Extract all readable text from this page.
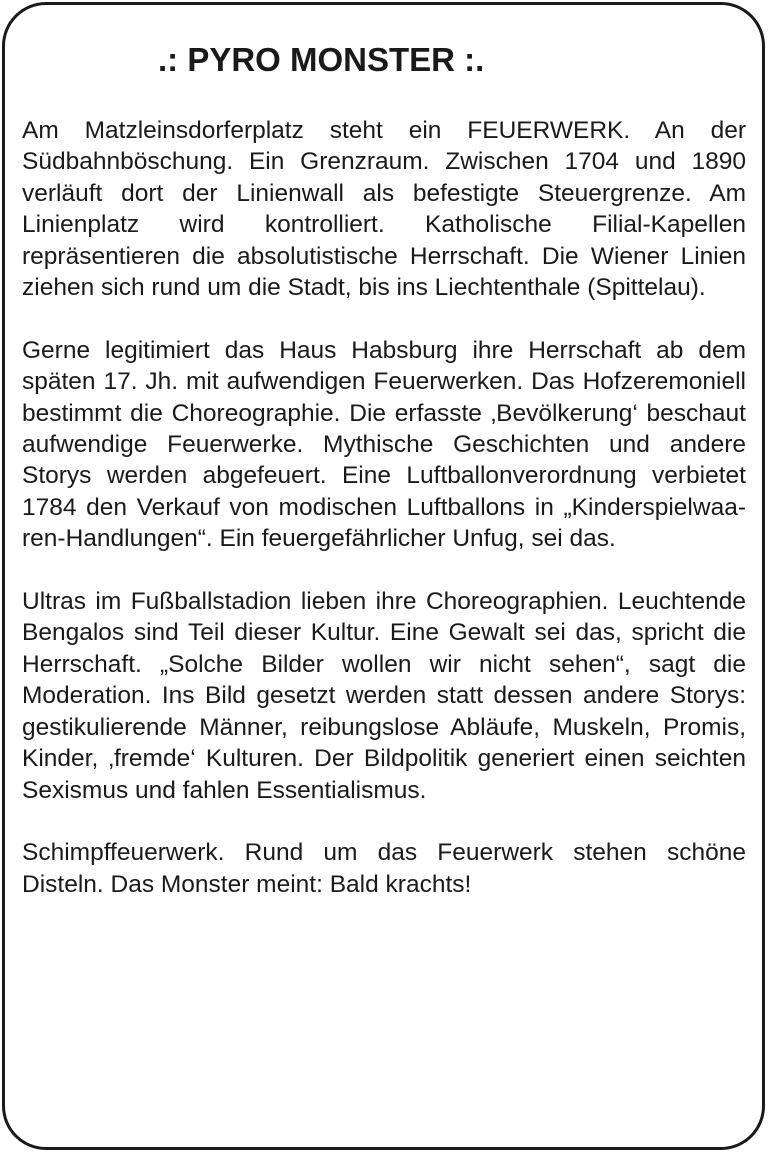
.: PYRO MONSTER :.

Am Matzleinsdorferplatz steht ein FEUERWERK. An der Südbahnböschung. Ein Grenzraum. Zwischen 1704 und 1890 verläuft dort der Linienwall als befestigte Steuergrenze. Am Linienplatz wird kontrolliert. Katholische Filial-Kapellen repräsentieren die absolutistische Herrschaft. Die Wiener Linien ziehen sich rund um die Stadt, bis ins Liechtenthale (Spittelau).

Gerne legitimiert das Haus Habsburg ihre Herrschaft ab dem späten 17. Jh. mit aufwendigen Feuerwerken. Das Hofzeremoniell bestimmt die Choreographie. Die erfasste ‚Bevölkerung‘ beschaut aufwendige Feuerwerke. Mythische Geschichten und andere Storys werden abgefeuert. Eine Luftballonverordnung verbietet 1784 den Verkauf von modischen Luftballons in „Kinderspielwaaren-Handlungen“. Ein feuergefährlicher Unfug, sei das.

Ultras im Fußballstadion lieben ihre Choreographien. Leuchtende Bengalos sind Teil dieser Kultur. Eine Gewalt sei das, spricht die Herrschaft. „Solche Bilder wollen wir nicht sehen“, sagt die Moderation. Ins Bild gesetzt werden statt dessen andere Storys: gestikulierende Männer, reibungslose Abläufe, Muskeln, Promis, Kinder, ‚fremde‘ Kulturen. Der Bildpolitik generiert einen seichten Sexismus und fahlen Essentialismus.

Schimpffeuerwerk. Rund um das Feuerwerk stehen schöne Disteln. Das Monster meint: Bald krachts!
